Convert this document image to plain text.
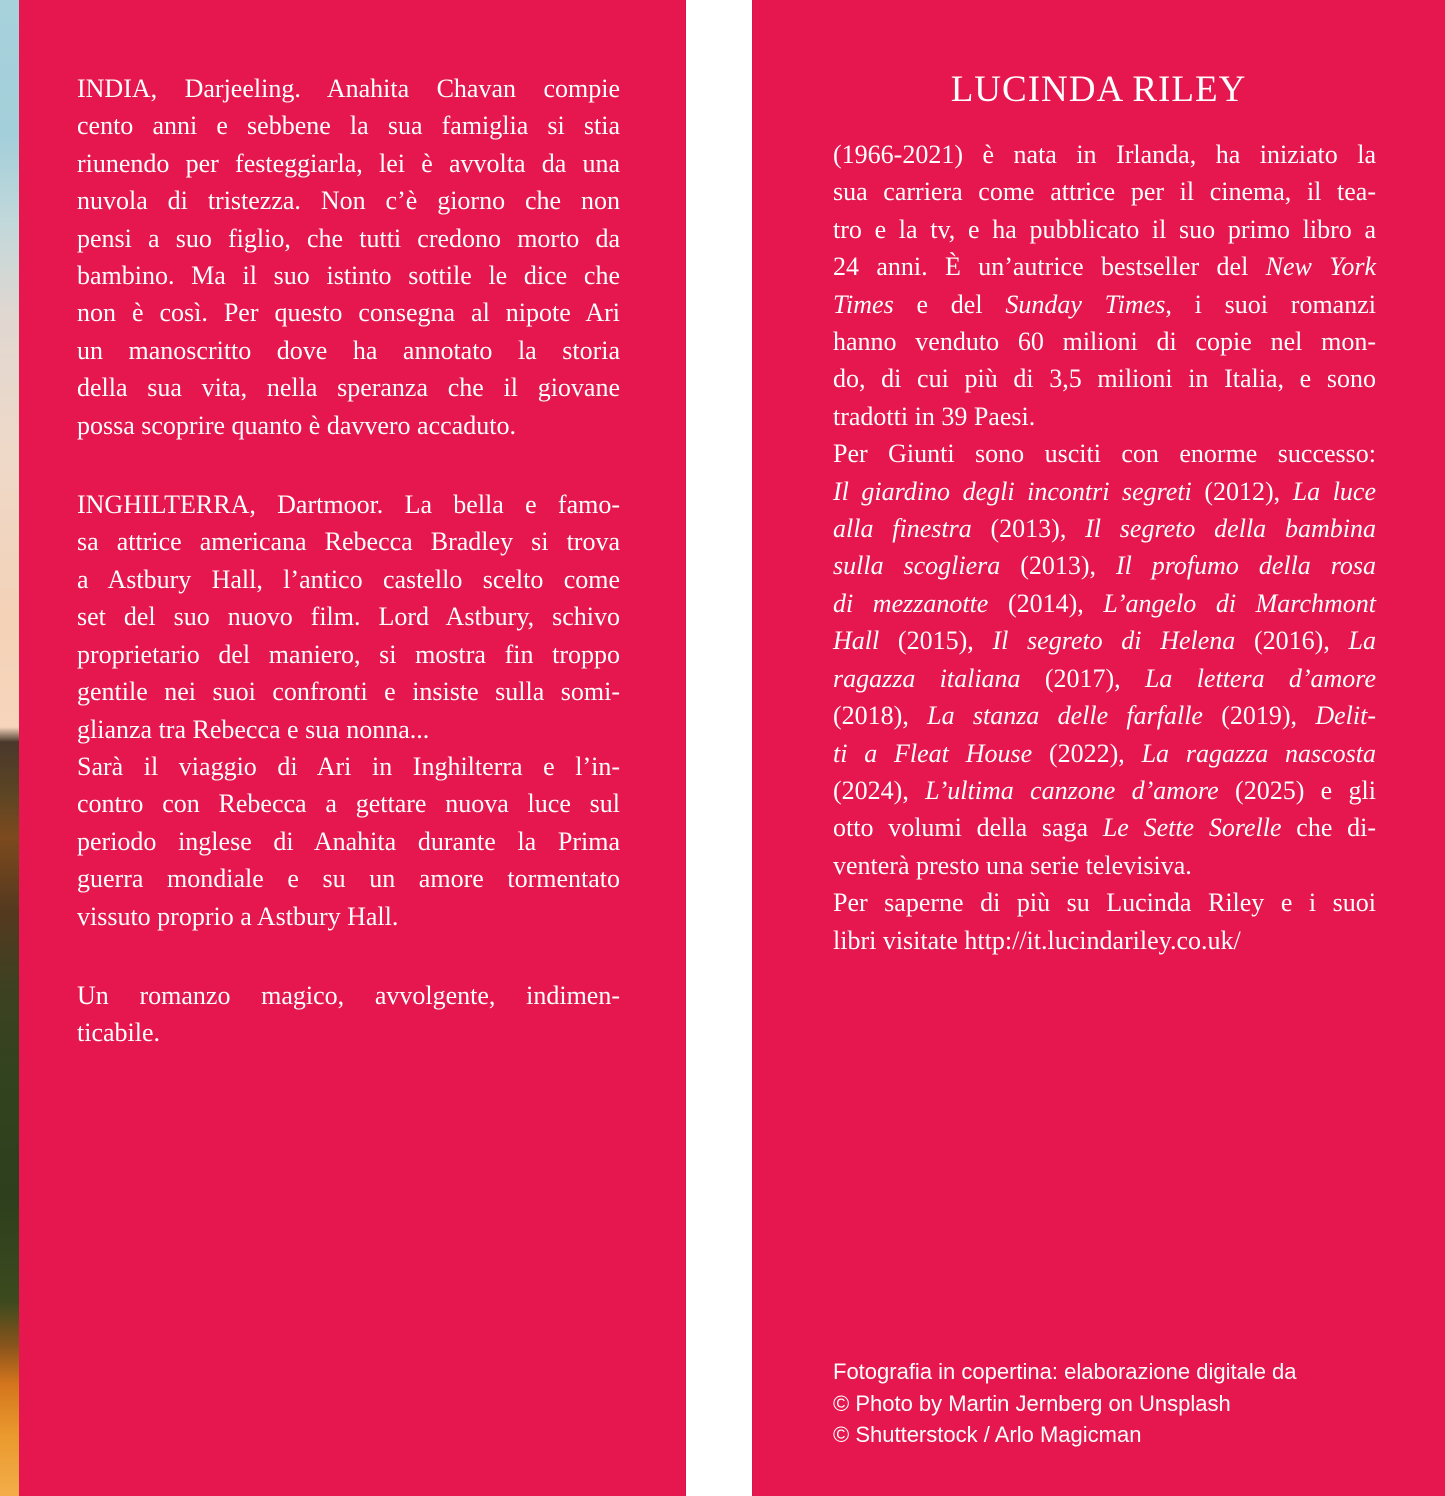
INDIA, Darjeeling. Anahita Chavan compie
cento anni e sebbene la sua famiglia si stia
riunendo per festeggiarla, lei è avvolta da una
nuvola di tristezza. Non c’è giorno che non
pensi a suo figlio, che tutti credono morto da
bambino. Ma il suo istinto sottile le dice che
non è così. Per questo consegna al nipote Ari
un manoscritto dove ha annotato la storia
della sua vita, nella speranza che il giovane
possa scoprire quanto è davvero accaduto.
INGHILTERRA, Dartmoor. La bella e famo-
sa attrice americana Rebecca Bradley si trova
a Astbury Hall, l’antico castello scelto come
set del suo nuovo film. Lord Astbury, schivo
proprietario del maniero, si mostra fin troppo
gentile nei suoi confronti e insiste sulla somi-
glianza tra Rebecca e sua nonna...
Sarà il viaggio di Ari in Inghilterra e l’in-
contro con Rebecca a gettare nuova luce sul
periodo inglese di Anahita durante la Prima
guerra mondiale e su un amore tormentato
vissuto proprio a Astbury Hall.
Un romanzo magico, avvolgente, indimen-
ticabile.
LUCINDA RILEY
(1966-2021) è nata in Irlanda, ha iniziato la
sua carriera come attrice per il cinema, il tea-
tro e la tv, e ha pubblicato il suo primo libro a
24 anni. È un’autrice bestseller del New York
Times e del Sunday Times, i suoi romanzi
hanno venduto 60 milioni di copie nel mon-
do, di cui più di 3,5 milioni in Italia, e sono
tradotti in 39 Paesi.
Per Giunti sono usciti con enorme successo:
Il giardino degli incontri segreti (2012), La luce
alla finestra (2013), Il segreto della bambina
sulla scogliera (2013), Il profumo della rosa
di mezzanotte (2014), L’angelo di Marchmont
Hall (2015), Il segreto di Helena (2016), La
ragazza italiana (2017), La lettera d’amore
(2018), La stanza delle farfalle (2019), Delit-
ti a Fleat House (2022), La ragazza nascosta
(2024), L’ultima canzone d’amore (2025) e gli
otto volumi della saga Le Sette Sorelle che di-
venterà presto una serie televisiva.
Per saperne di più su Lucinda Riley e i suoi
libri visitate http://it.lucindariley.co.uk/
Fotografia in copertina: elaborazione digitale da
© Photo by Martin Jernberg on Unsplash
© Shutterstock / Arlo Magicman
